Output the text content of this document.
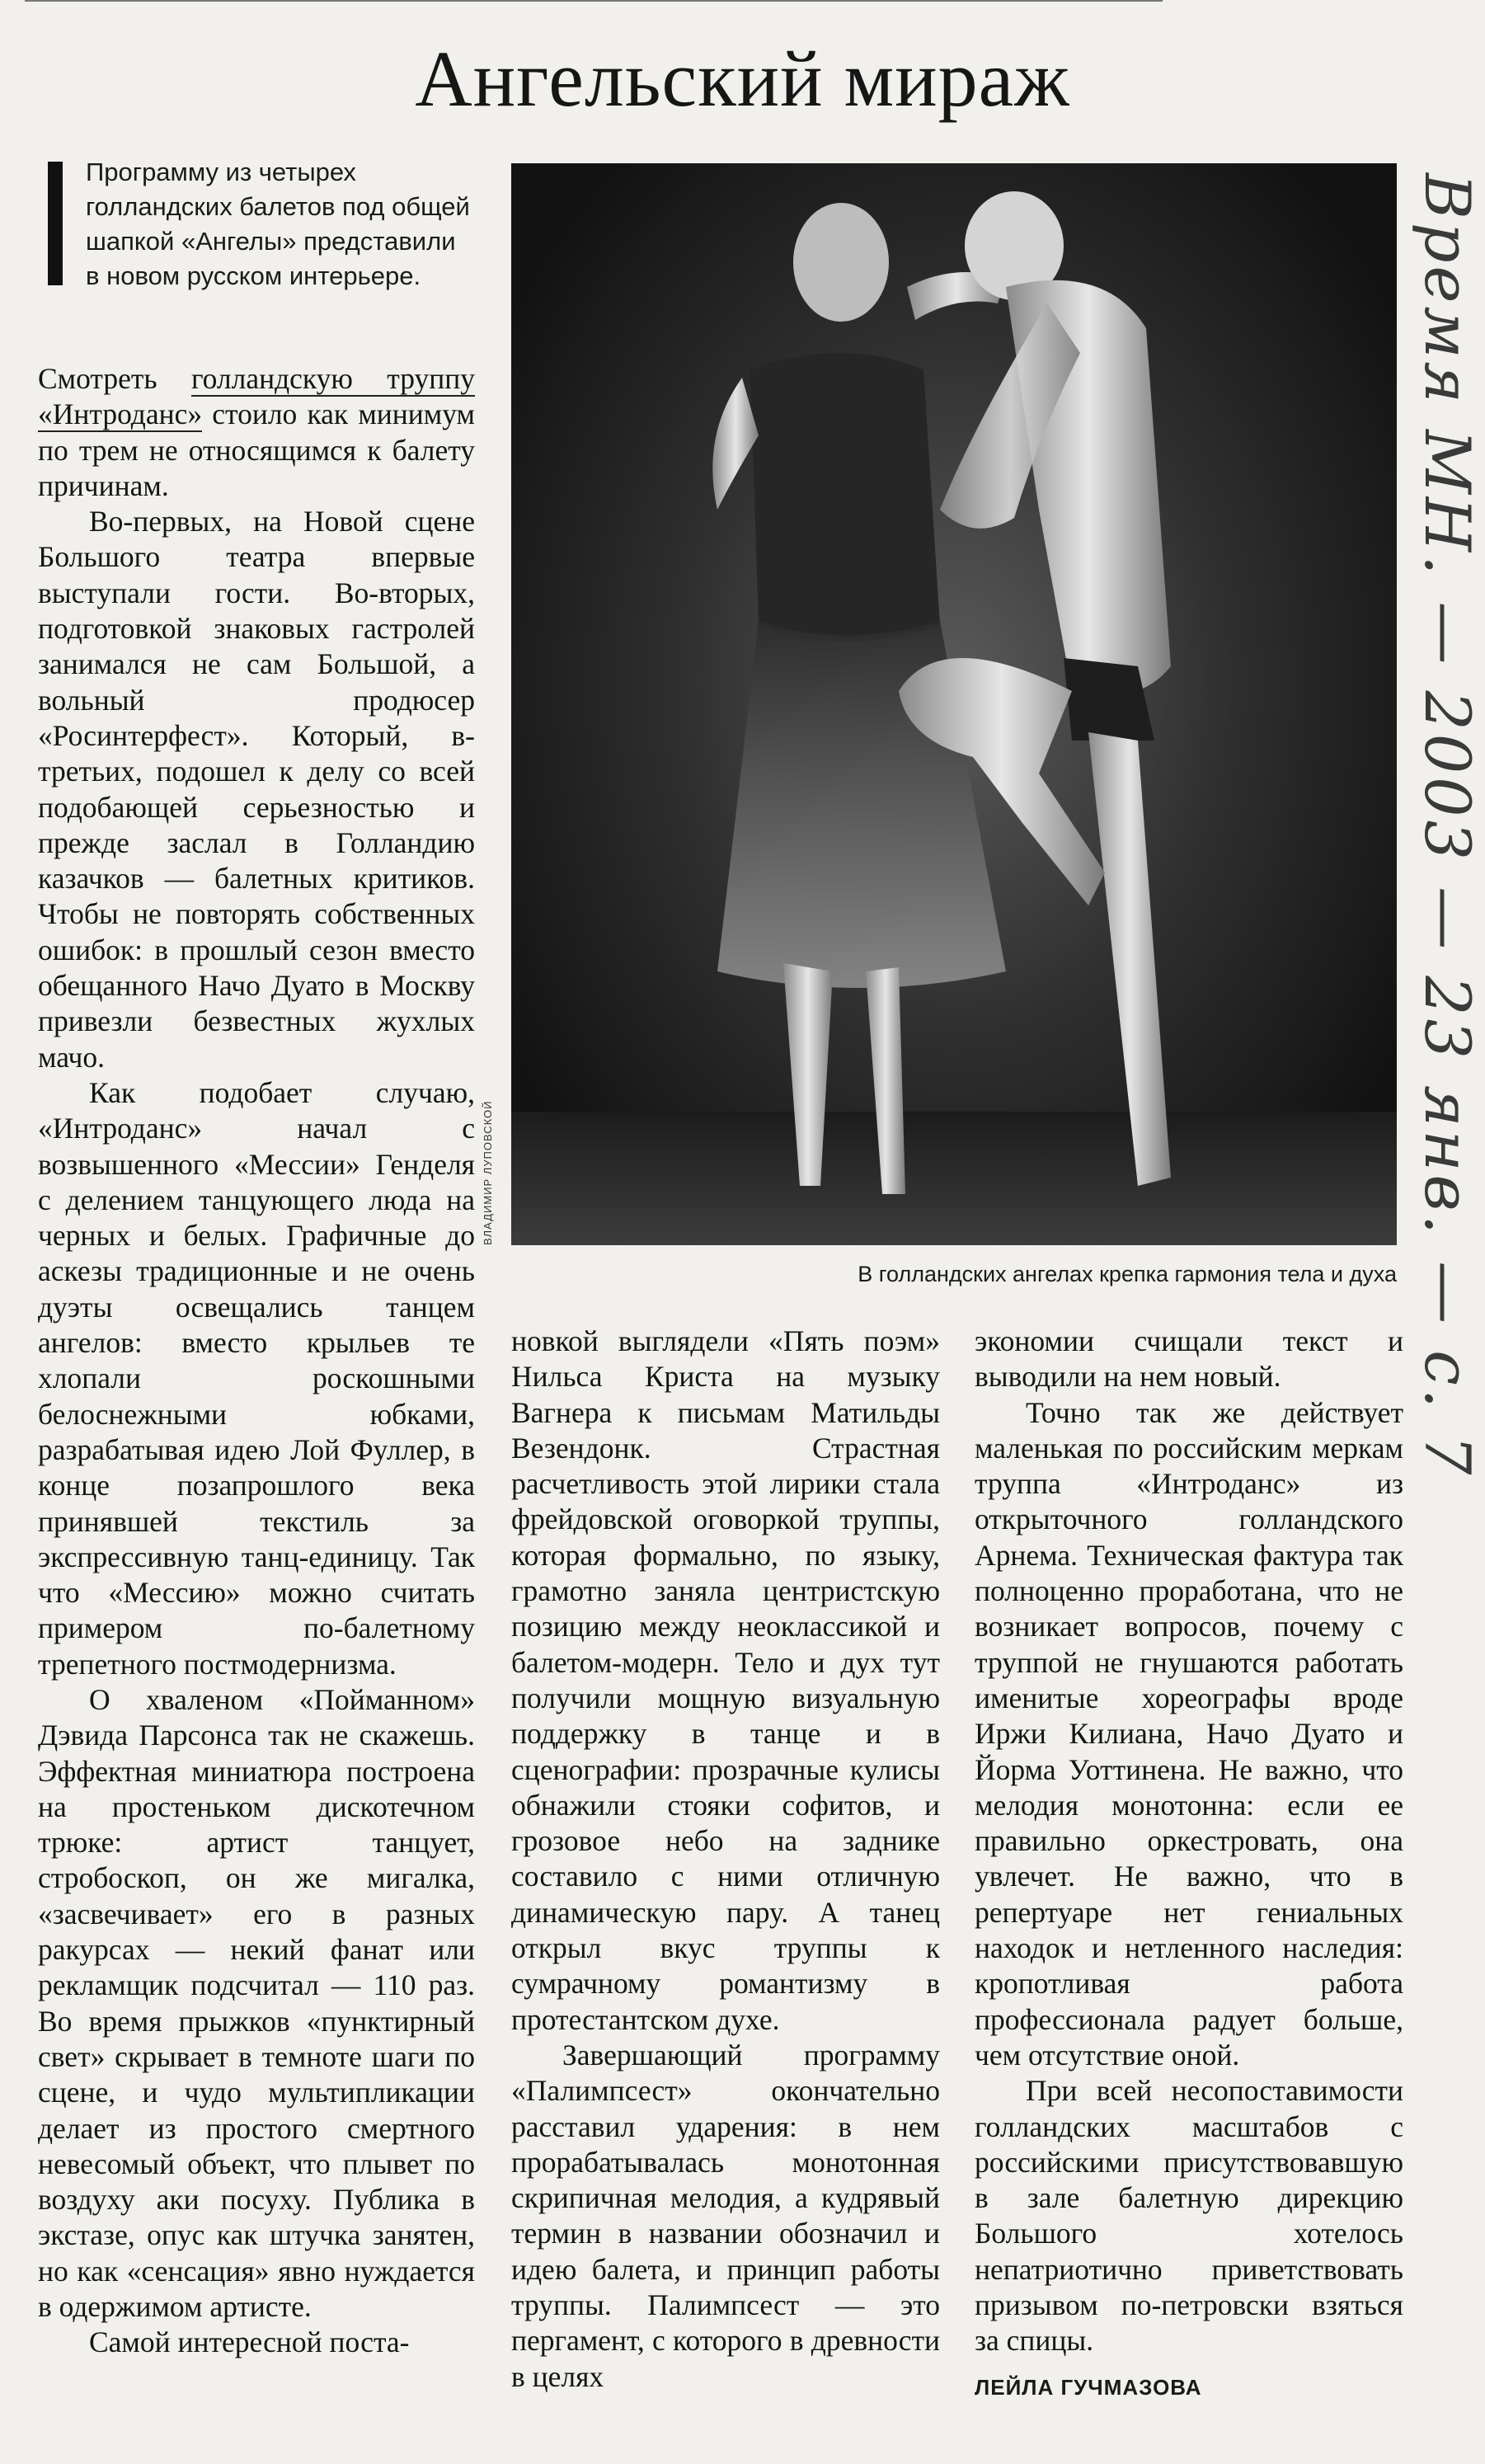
Ангельский мираж
Программу из четырех голландских балетов под общей шапкой «Ангелы» представили в новом русском интерьере.

Смотреть голландскую труппу «Интроданс» стоило как минимум по трем не относящимся к балету причинам.

Во-первых, на Новой сцене Большого театра впервые выступали гости. Во-вторых, подготовкой знаковых гастролей занимался не сам Большой, а вольный продюсер «Росинтерфест». Который, в-третьих, подошел к делу со всей подобающей серьезностью и прежде заслал в Голландию казачков — балетных критиков. Чтобы не повторять собственных ошибок: в прошлый сезон вместо обещанного Начо Дуато в Москву привезли безвестных жухлых мачо.

Как подобает случаю, «Интроданс» начал с возвышенного «Мессии» Генделя с делением танцующего люда на черных и белых. Графичные до аскезы традиционные и не очень дуэты освещались танцем ангелов: вместо крыльев те хлопали роскошными белоснежными юбками, разрабатывая идею Лой Фуллер, в конце позапрошлого века принявшей текстиль за экспрессивную танц-единицу. Так что «Мессию» можно считать примером по-балетному трепетного постмодернизма.

О хваленом «Пойманном» Дэвида Парсонса так не скажешь. Эффектная миниатюра построена на простеньком дискотечном трюке: артист танцует, стробоскоп, он же мигалка, «засвечивает» его в разных ракурсах — некий фанат или рекламщик подсчитал — 110 раз. Во время прыжков «пунктирный свет» скрывает в темноте шаги по сцене, и чудо мультипликации делает из простого смертного невесомый объект, что плывет по воздуху аки посуху. Публика в экстазе, опус как штучка занятен, но как «сенсация» явно нуждается в одержимом артисте.

Самой интересной поста-

ВЛАДИМИР ЛУПОВСКОЙ
В голландских ангелах крепка гармония тела и духа

новкой выглядели «Пять поэм» Нильса Криста на музыку Вагнера к письмам Матильды Везендонк. Страстная расчетливость этой лирики стала фрейдовской оговоркой труппы, которая формально, по языку, грамотно заняла центристскую позицию между неоклассикой и балетом-модерн. Тело и дух тут получили мощную визуальную поддержку в танце и в сценографии: прозрачные кулисы обнажили стояки софитов, и грозовое небо на заднике составило с ними отличную динамическую пару. А танец открыл вкус труппы к сумрачному романтизму в протестантском духе.

Завершающий программу «Палимпсест» окончательно расставил ударения: в нем прорабатывалась монотонная скрипичная мелодия, а кудрявый термин в названии обозначил и идею балета, и принцип работы труппы. Палимпсест — это пергамент, с которого в древности в целях

экономии счищали текст и выводили на нем новый.

Точно так же действует маленькая по российским меркам труппа «Интроданс» из открыточного голландского Арнема. Техническая фактура так полноценно проработана, что не возникает вопросов, почему с труппой не гнушаются работать именитые хореографы вроде Иржи Килиана, Начо Дуато и Йорма Уоттинена. Не важно, что мелодия монотонна: если ее правильно оркестровать, она увлечет. Не важно, что в репертуаре нет гениальных находок и нетленного наследия: кропотливая работа профессионала радует больше, чем отсутствие оной.

При всей несопоставимости голландских масштабов с российскими присутствовавшую в зале балетную дирекцию Большого хотелось непатриотично приветствовать призывом по-петровски взяться за спицы.

ЛЕЙЛА ГУЧМАЗОВА
Время МН. — 2003 — 23 янв. — с. 7
